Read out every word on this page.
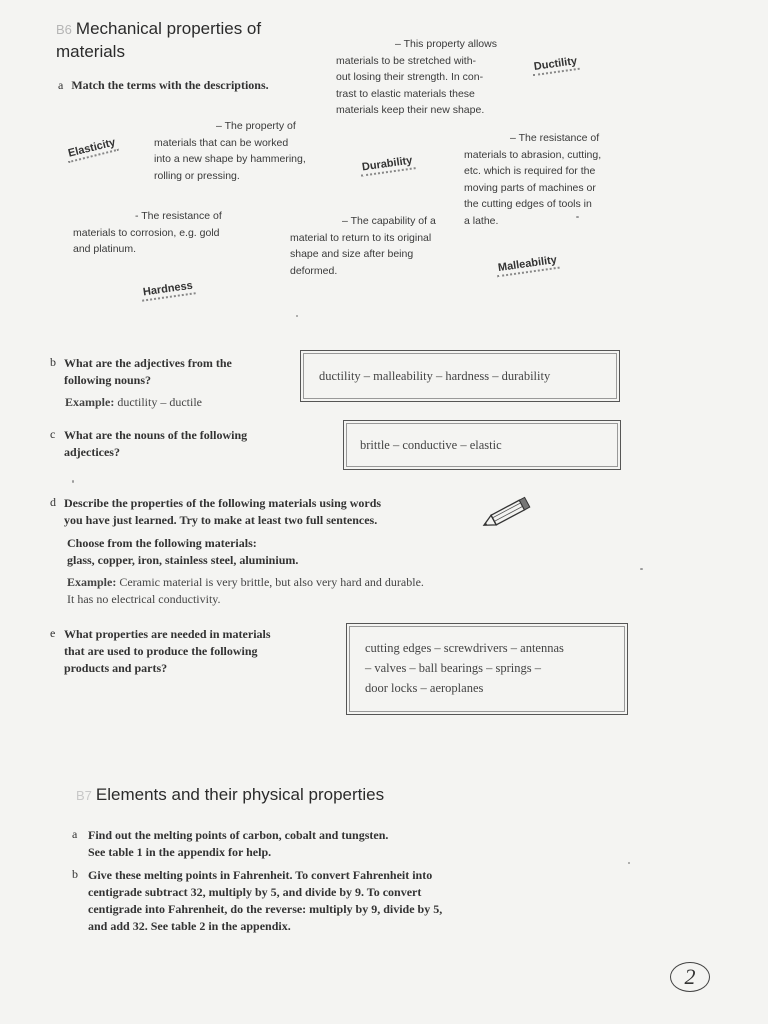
B6 Mechanical properties of
materials
a Match the terms with the descriptions.
– This property allows
materials to be stretched with-
out losing their strength. In con-
trast to elastic materials these
materials keep their new shape.
Ductility
Elasticity
– The property of
materials that can be worked
into a new shape by hammering,
rolling or pressing.
Durability
– The resistance of
materials to abrasion, cutting,
etc. which is required for the
moving parts of machines or
the cutting edges of tools in
a lathe.
- The resistance of
materials to corrosion, e.g. gold
and platinum.
– The capability of a
material to return to its original
shape and size after being
deformed.	Malleability
Hardness
b What are the adjectives from the
following nouns?
Example: ductility – ductile
ductility – malleability – hardness – durability
c What are the nouns of the following
adjectices?	brittle – conductive – elastic
d Describe the properties of the following materials using words
you have just learned. Try to make at least two full sentences.
Choose from the following materials:
glass, copper, iron, stainless steel, aluminium.
Example: Ceramic material is very brittle, but also very hard and durable.
It has no electrical conductivity.
e What properties are needed in materials
that are used to produce the following
products and parts?
cutting edges – screwdrivers – antennas
– valves – ball bearings – springs –
door locks – aeroplanes
B7 Elements and their physical properties
a Find out the melting points of carbon, cobalt and tungsten.
See table 1 in the appendix for help.
b Give these melting points in Fahrenheit. To convert Fahrenheit into
centigrade subtract 32, multiply by 5, and divide by 9. To convert
centigrade into Fahrenheit, do the reverse: multiply by 9, divide by 5,
and add 32. See table 2 in the appendix.
2
